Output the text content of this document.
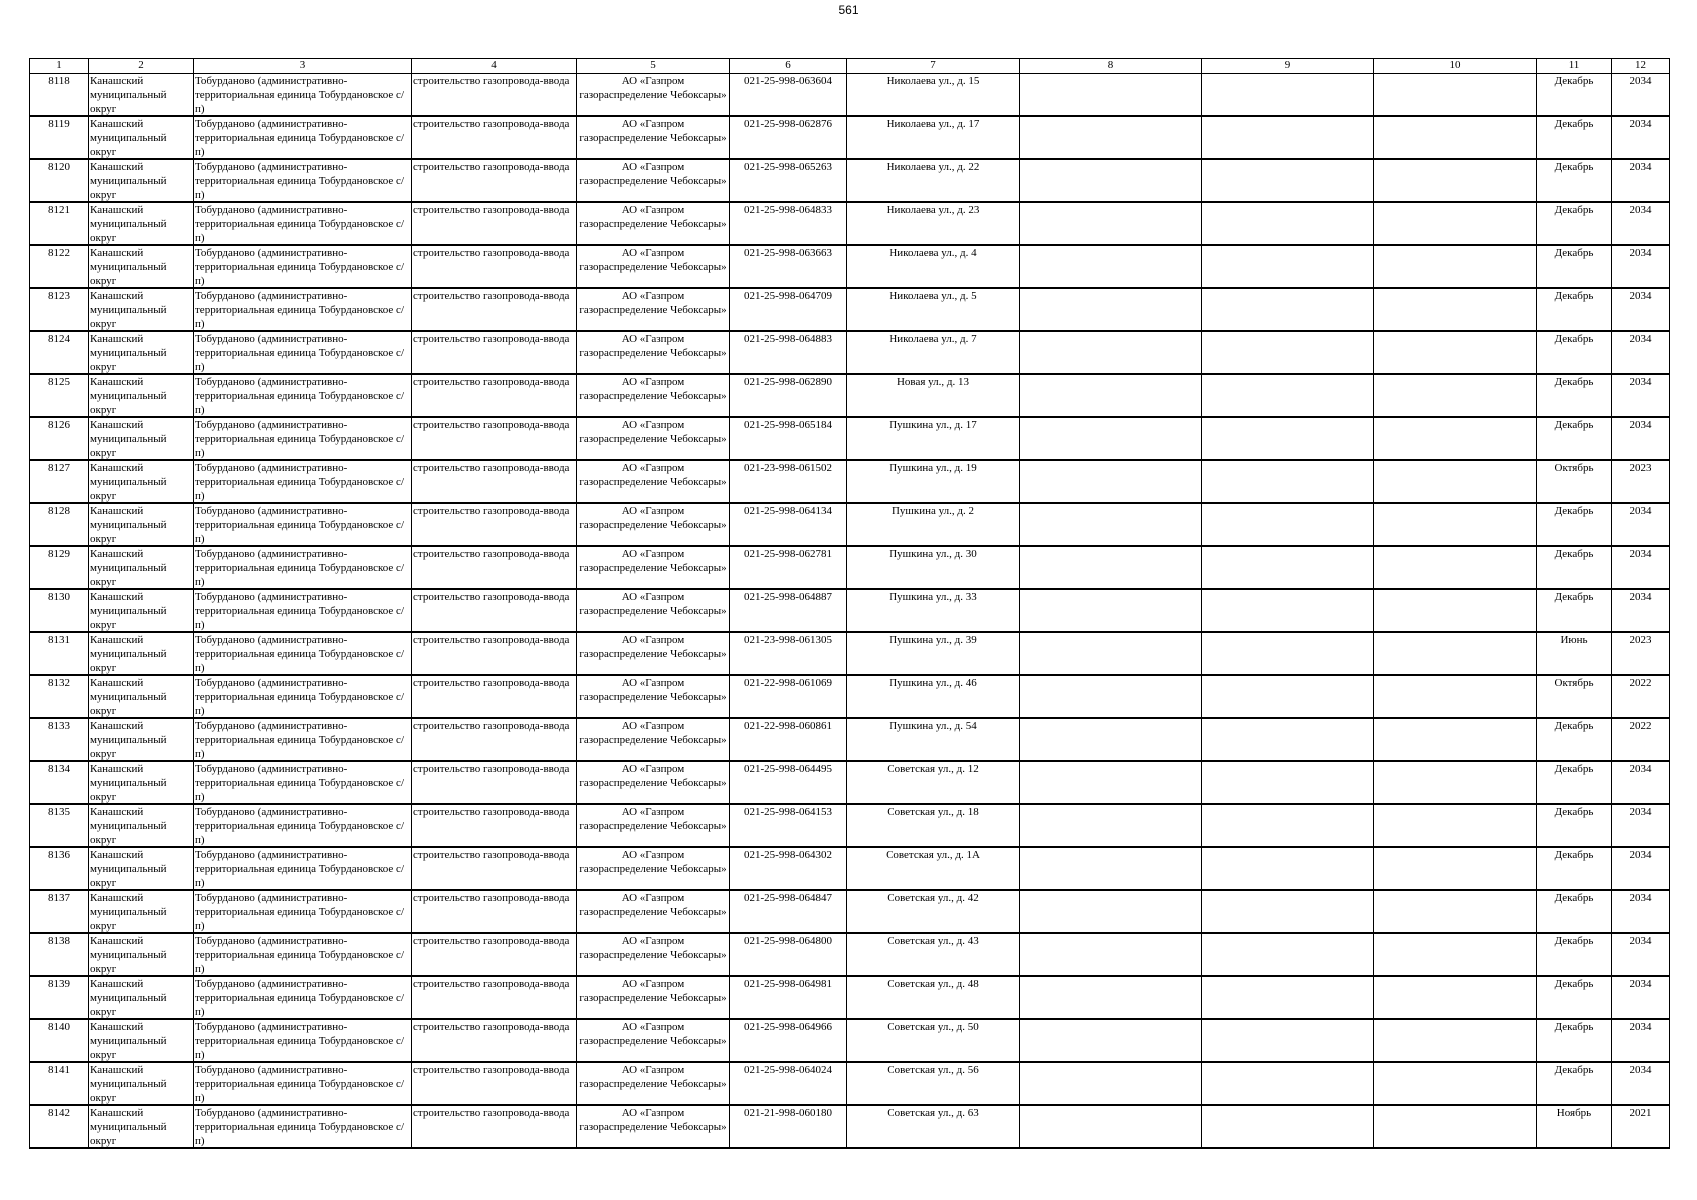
561
1	2	3	4	5	6	7	8	9	10	11	12

8118	Канашский муниципальный округ	Тобурданово (административно-территориальная единица Тобурдановское с/п)	строительство газопровода-ввода	АО «Газпром газораспределение Чебоксары»	021-25-998-063604	Николаева ул., д. 15				Декабрь	2034

8119	Канашский муниципальный округ	Тобурданово (административно-территориальная единица Тобурдановское с/п)	строительство газопровода-ввода	АО «Газпром газораспределение Чебоксары»	021-25-998-062876	Николаева ул., д. 17				Декабрь	2034

8120	Канашский муниципальный округ	Тобурданово (административно-территориальная единица Тобурдановское с/п)	строительство газопровода-ввода	АО «Газпром газораспределение Чебоксары»	021-25-998-065263	Николаева ул., д. 22				Декабрь	2034

8121	Канашский муниципальный округ	Тобурданово (административно-территориальная единица Тобурдановское с/п)	строительство газопровода-ввода	АО «Газпром газораспределение Чебоксары»	021-25-998-064833	Николаева ул., д. 23				Декабрь	2034

8122	Канашский муниципальный округ	Тобурданово (административно-территориальная единица Тобурдановское с/п)	строительство газопровода-ввода	АО «Газпром газораспределение Чебоксары»	021-25-998-063663	Николаева ул., д. 4				Декабрь	2034

8123	Канашский муниципальный округ	Тобурданово (административно-территориальная единица Тобурдановское с/п)	строительство газопровода-ввода	АО «Газпром газораспределение Чебоксары»	021-25-998-064709	Николаева ул., д. 5				Декабрь	2034

8124	Канашский муниципальный округ	Тобурданово (административно-территориальная единица Тобурдановское с/п)	строительство газопровода-ввода	АО «Газпром газораспределение Чебоксары»	021-25-998-064883	Николаева ул., д. 7				Декабрь	2034

8125	Канашский муниципальный округ	Тобурданово (административно-территориальная единица Тобурдановское с/п)	строительство газопровода-ввода	АО «Газпром газораспределение Чебоксары»	021-25-998-062890	Новая ул., д. 13				Декабрь	2034

8126	Канашский муниципальный округ	Тобурданово (административно-территориальная единица Тобурдановское с/п)	строительство газопровода-ввода	АО «Газпром газораспределение Чебоксары»	021-25-998-065184	Пушкина ул., д. 17				Декабрь	2034

8127	Канашский муниципальный округ	Тобурданово (административно-территориальная единица Тобурдановское с/п)	строительство газопровода-ввода	АО «Газпром газораспределение Чебоксары»	021-23-998-061502	Пушкина ул., д. 19				Октябрь	2023

8128	Канашский муниципальный округ	Тобурданово (административно-территориальная единица Тобурдановское с/п)	строительство газопровода-ввода	АО «Газпром газораспределение Чебоксары»	021-25-998-064134	Пушкина ул., д. 2				Декабрь	2034

8129	Канашский муниципальный округ	Тобурданово (административно-территориальная единица Тобурдановское с/п)	строительство газопровода-ввода	АО «Газпром газораспределение Чебоксары»	021-25-998-062781	Пушкина ул., д. 30				Декабрь	2034

8130	Канашский муниципальный округ	Тобурданово (административно-территориальная единица Тобурдановское с/п)	строительство газопровода-ввода	АО «Газпром газораспределение Чебоксары»	021-25-998-064887	Пушкина ул., д. 33				Декабрь	2034

8131	Канашский муниципальный округ	Тобурданово (административно-территориальная единица Тобурдановское с/п)	строительство газопровода-ввода	АО «Газпром газораспределение Чебоксары»	021-23-998-061305	Пушкина ул., д. 39				Июнь	2023

8132	Канашский муниципальный округ	Тобурданово (административно-территориальная единица Тобурдановское с/п)	строительство газопровода-ввода	АО «Газпром газораспределение Чебоксары»	021-22-998-061069	Пушкина ул., д. 46				Октябрь	2022

8133	Канашский муниципальный округ	Тобурданово (административно-территориальная единица Тобурдановское с/п)	строительство газопровода-ввода	АО «Газпром газораспределение Чебоксары»	021-22-998-060861	Пушкина ул., д. 54				Декабрь	2022

8134	Канашский муниципальный округ	Тобурданово (административно-территориальная единица Тобурдановское с/п)	строительство газопровода-ввода	АО «Газпром газораспределение Чебоксары»	021-25-998-064495	Советская ул., д. 12				Декабрь	2034

8135	Канашский муниципальный округ	Тобурданово (административно-территориальная единица Тобурдановское с/п)	строительство газопровода-ввода	АО «Газпром газораспределение Чебоксары»	021-25-998-064153	Советская ул., д. 18				Декабрь	2034

8136	Канашский муниципальный округ	Тобурданово (административно-территориальная единица Тобурдановское с/п)	строительство газопровода-ввода	АО «Газпром газораспределение Чебоксары»	021-25-998-064302	Советская ул., д. 1А				Декабрь	2034

8137	Канашский муниципальный округ	Тобурданово (административно-территориальная единица Тобурдановское с/п)	строительство газопровода-ввода	АО «Газпром газораспределение Чебоксары»	021-25-998-064847	Советская ул., д. 42				Декабрь	2034

8138	Канашский муниципальный округ	Тобурданово (административно-территориальная единица Тобурдановское с/п)	строительство газопровода-ввода	АО «Газпром газораспределение Чебоксары»	021-25-998-064800	Советская ул., д. 43				Декабрь	2034

8139	Канашский муниципальный округ	Тобурданово (административно-территориальная единица Тобурдановское с/п)	строительство газопровода-ввода	АО «Газпром газораспределение Чебоксары»	021-25-998-064981	Советская ул., д. 48				Декабрь	2034

8140	Канашский муниципальный округ	Тобурданово (административно-территориальная единица Тобурдановское с/п)	строительство газопровода-ввода	АО «Газпром газораспределение Чебоксары»	021-25-998-064966	Советская ул., д. 50				Декабрь	2034

8141	Канашский муниципальный округ	Тобурданово (административно-территориальная единица Тобурдановское с/п)	строительство газопровода-ввода	АО «Газпром газораспределение Чебоксары»	021-25-998-064024	Советская ул., д. 56				Декабрь	2034

8142	Канашский муниципальный округ	Тобурданово (административно-территориальная единица Тобурдановское с/п)	строительство газопровода-ввода	АО «Газпром газораспределение Чебоксары»	021-21-998-060180	Советская ул., д. 63				Ноябрь	2021
